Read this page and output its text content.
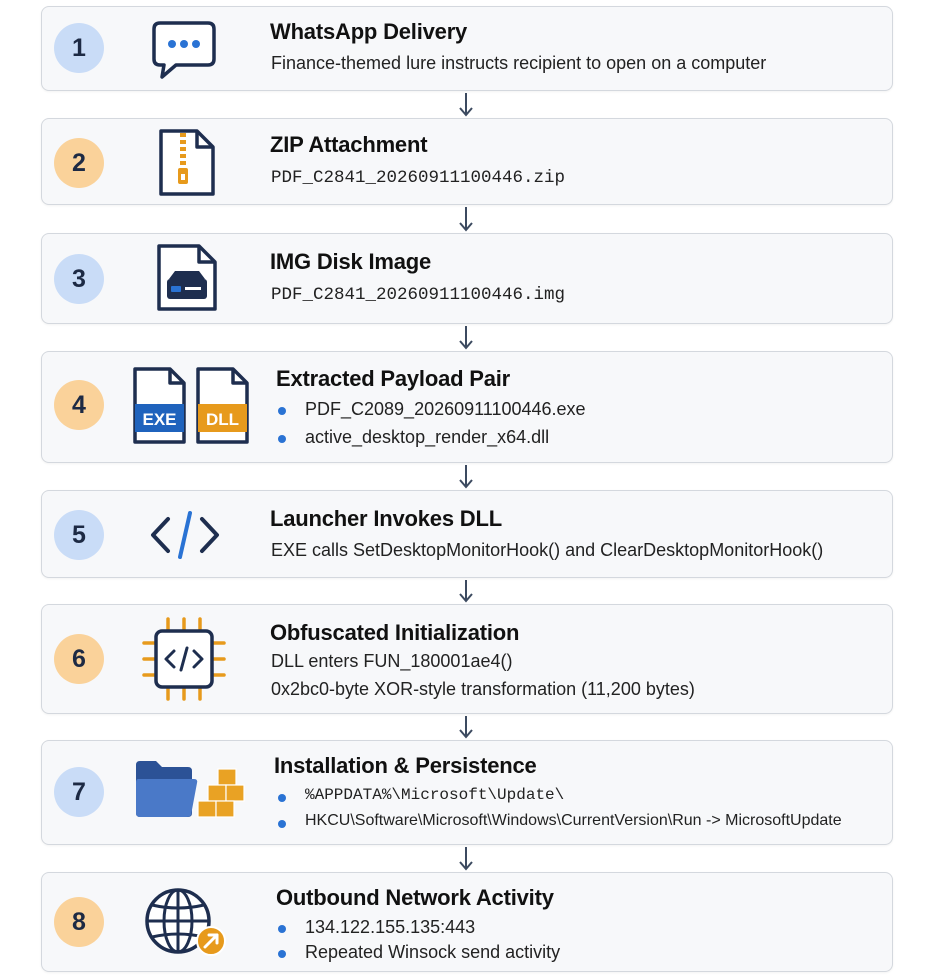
1
WhatsApp Delivery
Finance-themed lure instructs recipient to open on a computer
2
ZIP Attachment
PDF_C2841_20260911100446.zip
3
IMG Disk Image
PDF_C2841_20260911100446.img
4
EXE DLL
Extracted Payload Pair
PDF_C2089_20260911100446.exe
active_desktop_render_x64.dll
5
Launcher Invokes DLL
EXE calls SetDesktopMonitorHook() and ClearDesktopMonitorHook()
6
Obfuscated Initialization
DLL enters FUN_180001ae4()
0x2bc0-byte XOR-style transformation (11,200 bytes)
7
Installation & Persistence
%APPDATA%\Microsoft\Update\
HKCU\Software\Microsoft\Windows\CurrentVersion\Run -> MicrosoftUpdate
8
Outbound Network Activity
134.122.155.135:443
Repeated Winsock send activity
